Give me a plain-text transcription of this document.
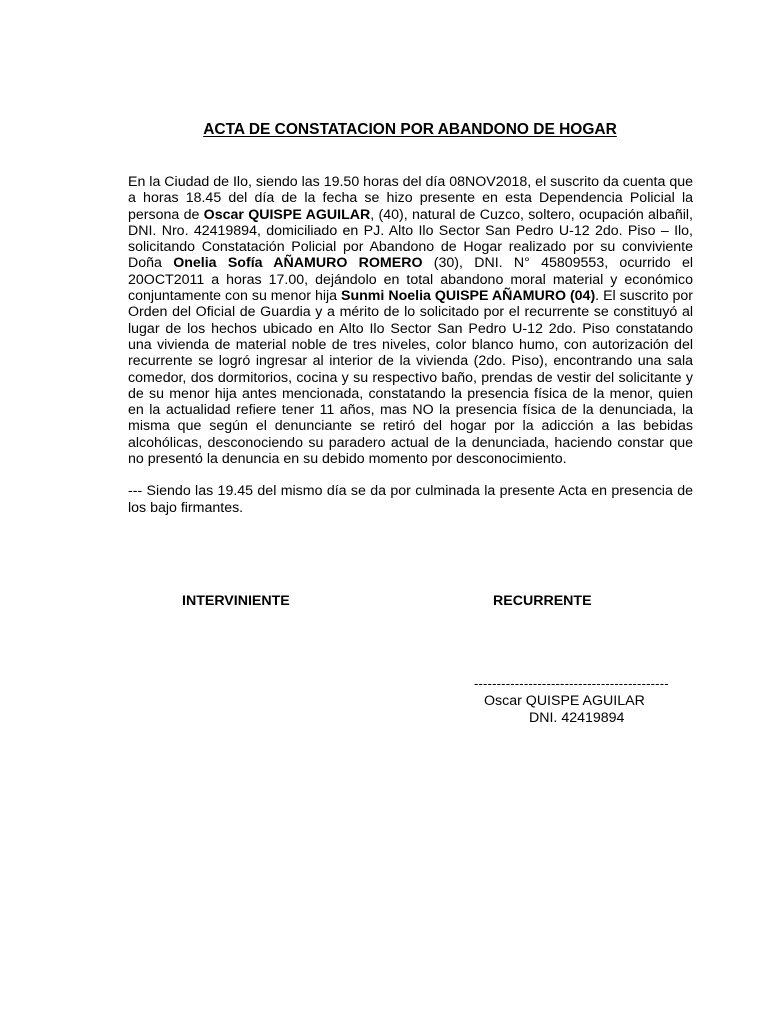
ACTA DE CONSTATACION POR ABANDONO DE HOGAR

En la Ciudad de Ilo, siendo las 19.50 horas del día 08NOV2018, el suscrito da cuenta que a horas 18.45 del día de la fecha se hizo presente en esta Dependencia Policial la persona de Oscar QUISPE AGUILAR, (40), natural de Cuzco, soltero, ocupación albañil, DNI. Nro. 42419894, domiciliado en PJ. Alto Ilo Sector San Pedro U-12 2do. Piso – Ilo, solicitando Constatación Policial por Abandono de Hogar realizado por su conviviente Doña Onelia Sofía AÑAMURO ROMERO (30), DNI. N° 45809553, ocurrido el 20OCT2011 a horas 17.00, dejándolo en total abandono moral material y económico conjuntamente con su menor hija Sunmi Noelia QUISPE AÑAMURO (04). El suscrito por Orden del Oficial de Guardia y a mérito de lo solicitado por el recurrente se constituyó al lugar de los hechos ubicado en Alto Ilo Sector San Pedro U-12 2do. Piso constatando una vivienda de material noble de tres niveles, color blanco humo, con autorización del recurrente se logró ingresar al interior de la vivienda (2do. Piso), encontrando una sala comedor, dos dormitorios, cocina y su respectivo baño, prendas de vestir del solicitante y de su menor hija antes mencionada, constatando la presencia física de la menor, quien en la actualidad refiere tener 11 años, mas NO la presencia física de la denunciada, la misma que según el denunciante se retiró del hogar por la adicción a las bebidas alcohólicas, desconociendo su paradero actual de la denunciada, haciendo constar que no presentó la denuncia en su debido momento por desconocimiento.

--- Siendo las 19.45 del mismo día se da por culminada la presente Acta en presencia de los bajo firmantes.

INTERVINIENTE	RECURRENTE
-------------------------------------------
Oscar QUISPE AGUILAR
DNI. 42419894
